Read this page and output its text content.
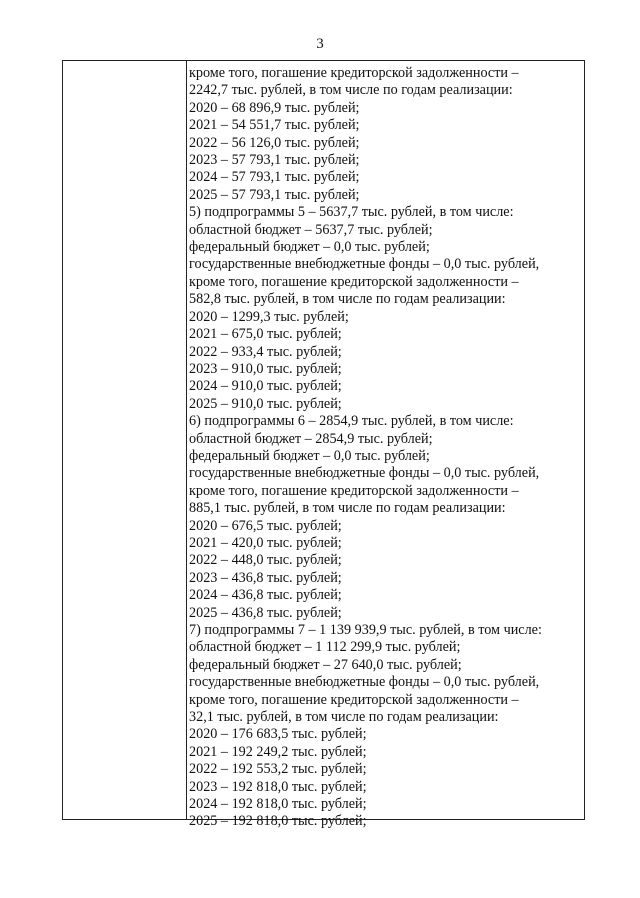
3
кроме того, погашение кредиторской задолженности –
2242,7 тыс. рублей, в том числе по годам реализации:
2020 – 68 896,9 тыс. рублей;
2021 – 54 551,7 тыс. рублей;
2022 – 56 126,0 тыс. рублей;
2023 – 57 793,1 тыс. рублей;
2024 – 57 793,1 тыс. рублей;
2025 – 57 793,1 тыс. рублей;
5) подпрограммы 5 – 5637,7 тыс. рублей, в том числе:
областной бюджет – 5637,7 тыс. рублей;
федеральный бюджет – 0,0 тыс. рублей;
государственные внебюджетные фонды – 0,0 тыс. рублей,
кроме того, погашение кредиторской задолженности –
582,8 тыс. рублей, в том числе по годам реализации:
2020 – 1299,3 тыс. рублей;
2021 – 675,0 тыс. рублей;
2022 – 933,4 тыс. рублей;
2023 – 910,0 тыс. рублей;
2024 – 910,0 тыс. рублей;
2025 – 910,0 тыс. рублей;
6) подпрограммы 6 – 2854,9 тыс. рублей, в том числе:
областной бюджет – 2854,9 тыс. рублей;
федеральный бюджет – 0,0 тыс. рублей;
государственные внебюджетные фонды – 0,0 тыс. рублей,
кроме того, погашение кредиторской задолженности –
885,1 тыс. рублей, в том числе по годам реализации:
2020 – 676,5 тыс. рублей;
2021 – 420,0 тыс. рублей;
2022 – 448,0 тыс. рублей;
2023 – 436,8 тыс. рублей;
2024 – 436,8 тыс. рублей;
2025 – 436,8 тыс. рублей;
7) подпрограммы 7 – 1 139 939,9 тыс. рублей, в том числе:
областной бюджет – 1 112 299,9 тыс. рублей;
федеральный бюджет – 27 640,0 тыс. рублей;
государственные внебюджетные фонды – 0,0 тыс. рублей,
кроме того, погашение кредиторской задолженности –
32,1 тыс. рублей, в том числе по годам реализации:
2020 – 176 683,5 тыс. рублей;
2021 – 192 249,2 тыс. рублей;
2022 – 192 553,2 тыс. рублей;
2023 – 192 818,0 тыс. рублей;
2024 – 192 818,0 тыс. рублей;
2025 – 192 818,0 тыс. рублей;
